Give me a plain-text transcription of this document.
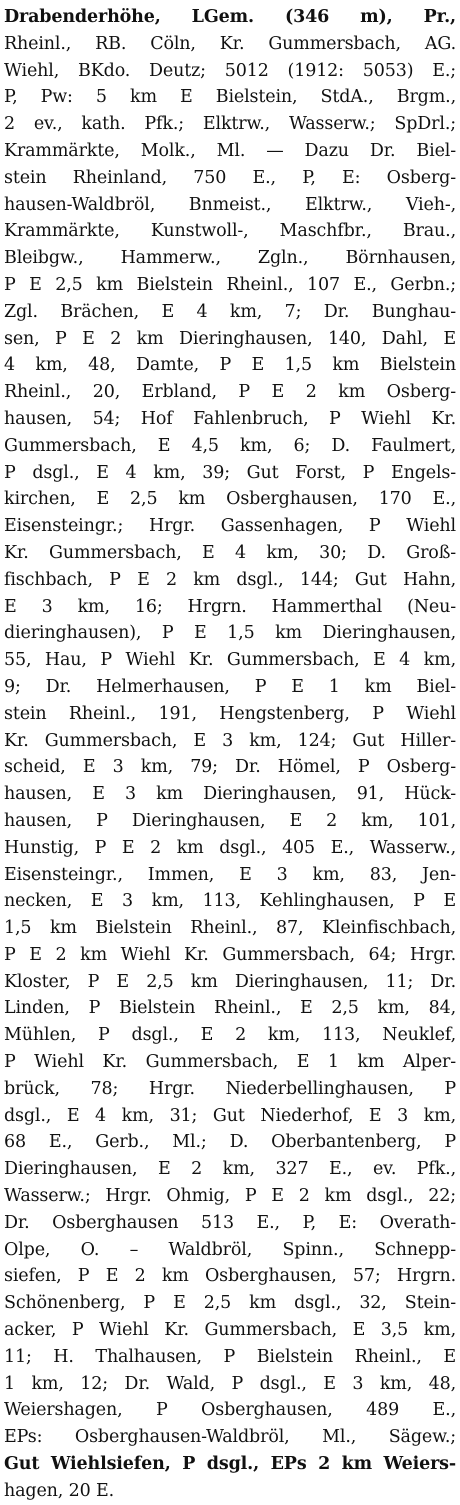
Drabenderhöhe, LGem. (346 m), Pr.,
Rheinl., RB. Cöln, Kr. Gummersbach, AG.
Wiehl, BKdo. Deutz; 5012 (1912: 5053) E.;
P, Pw: 5 km E Bielstein, StdA., Brgm.,
2 ev., kath. Pfk.; Elktrw., Wasserw.; SpDrl.;
Krammärkte, Molk., Ml. — Dazu Dr. Biel-
stein Rheinland, 750 E., P, E: Osberg-
hausen-Waldbröl, Bnmeist., Elktrw., Vieh-,
Krammärkte, Kunstwoll-, Maschfbr., Brau.,
Bleibgw., Hammerw., Zgln., Börnhausen,
P E 2,5 km Bielstein Rheinl., 107 E., Gerbn.;
Zgl. Brächen, E 4 km, 7; Dr. Bunghau-
sen, P E 2 km Dieringhausen, 140, Dahl, E
4 km, 48, Damte, P E 1,5 km Bielstein
Rheinl., 20, Erbland, P E 2 km Osberg-
hausen, 54; Hof Fahlenbruch, P Wiehl Kr.
Gummersbach, E 4,5 km, 6; D. Faulmert,
P dsgl., E 4 km, 39; Gut Forst, P Engels-
kirchen, E 2,5 km Osberghausen, 170 E.,
Eisensteingr.; Hrgr. Gassenhagen, P Wiehl
Kr. Gummersbach, E 4 km, 30; D. Groß-
fischbach, P E 2 km dsgl., 144; Gut Hahn,
E 3 km, 16; Hrgrn. Hammerthal (Neu-
dieringhausen), P E 1,5 km Dieringhausen,
55, Hau, P Wiehl Kr. Gummersbach, E 4 km,
9; Dr. Helmerhausen, P E 1 km Biel-
stein Rheinl., 191, Hengstenberg, P Wiehl
Kr. Gummersbach, E 3 km, 124; Gut Hiller-
scheid, E 3 km, 79; Dr. Hömel, P Osberg-
hausen, E 3 km Dieringhausen, 91, Hück-
hausen, P Dieringhausen, E 2 km, 101,
Hunstig, P E 2 km dsgl., 405 E., Wasserw.,
Eisensteingr., Immen, E 3 km, 83, Jen-
necken, E 3 km, 113, Kehlinghausen, P E
1,5 km Bielstein Rheinl., 87, Kleinfischbach,
P E 2 km Wiehl Kr. Gummersbach, 64; Hrgr.
Kloster, P E 2,5 km Dieringhausen, 11; Dr.
Linden, P Bielstein Rheinl., E 2,5 km, 84,
Mühlen, P dsgl., E 2 km, 113, Neuklef,
P Wiehl Kr. Gummersbach, E 1 km Alper-
brück, 78; Hrgr. Niederbellinghausen, P
dsgl., E 4 km, 31; Gut Niederhof, E 3 km,
68 E., Gerb., Ml.; D. Oberbantenberg, P
Dieringhausen, E 2 km, 327 E., ev. Pfk.,
Wasserw.; Hrgr. Ohmig, P E 2 km dsgl., 22;
Dr. Osberghausen 513 E., P, E: Overath-
Olpe, O. – Waldbröl, Spinn., Schnepp-
siefen, P E 2 km Osberghausen, 57; Hrgrn.
Schönenberg, P E 2,5 km dsgl., 32, Stein-
acker, P Wiehl Kr. Gummersbach, E 3,5 km,
11; H. Thalhausen, P Bielstein Rheinl., E
1 km, 12; Dr. Wald, P dsgl., E 3 km, 48,
Weiershagen, P Osberghausen, 489 E.,
EPs: Osberghausen-Waldbröl, Ml., Sägew.;
Gut Wiehlsiefen, P dsgl., EPs 2 km Weiers-
hagen, 20 E.
